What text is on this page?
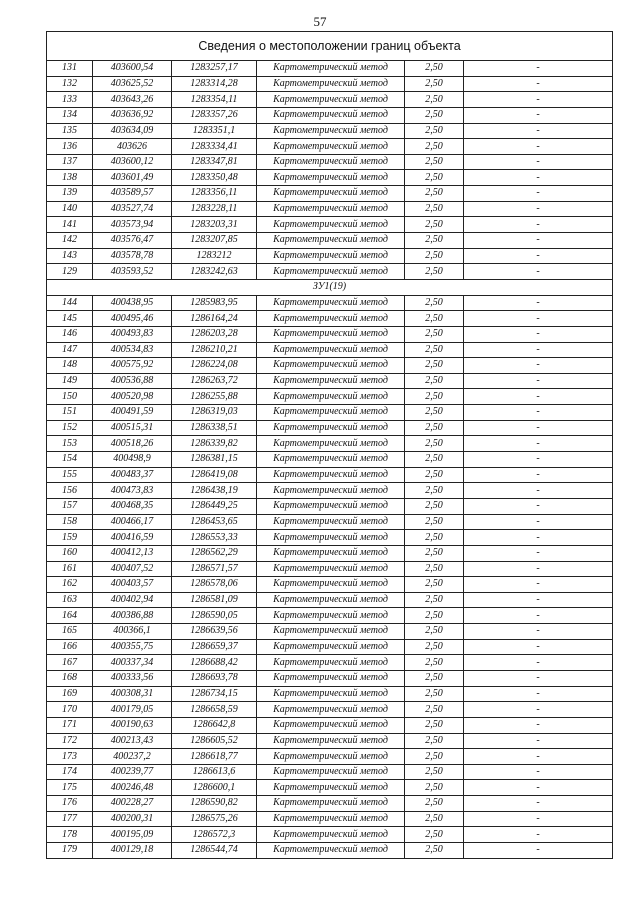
57
Сведения о местоположении границ объекта					
131	403600,54	1283257,17	Картометрический метод	2,50	-
132	403625,52	1283314,28	Картометрический метод	2,50	-
133	403643,26	1283354,11	Картометрический метод	2,50	-
134	403636,92	1283357,26	Картометрический метод	2,50	-
135	403634,09	1283351,1	Картометрический метод	2,50	-
136	403626	1283334,41	Картометрический метод	2,50	-
137	403600,12	1283347,81	Картометрический метод	2,50	-
138	403601,49	1283350,48	Картометрический метод	2,50	-
139	403589,57	1283356,11	Картометрический метод	2,50	-
140	403527,74	1283228,11	Картометрический метод	2,50	-
141	403573,94	1283203,31	Картометрический метод	2,50	-
142	403576,47	1283207,85	Картометрический метод	2,50	-
143	403578,78	1283212	Картометрический метод	2,50	-
129	403593,52	1283242,63	Картометрический метод	2,50	-
ЗУ1(19)					
144	400438,95	1285983,95	Картометрический метод	2,50	-
145	400495,46	1286164,24	Картометрический метод	2,50	-
146	400493,83	1286203,28	Картометрический метод	2,50	-
147	400534,83	1286210,21	Картометрический метод	2,50	-
148	400575,92	1286224,08	Картометрический метод	2,50	-
149	400536,88	1286263,72	Картометрический метод	2,50	-
150	400520,98	1286255,88	Картометрический метод	2,50	-
151	400491,59	1286319,03	Картометрический метод	2,50	-
152	400515,31	1286338,51	Картометрический метод	2,50	-
153	400518,26	1286339,82	Картометрический метод	2,50	-
154	400498,9	1286381,15	Картометрический метод	2,50	-
155	400483,37	1286419,08	Картометрический метод	2,50	-
156	400473,83	1286438,19	Картометрический метод	2,50	-
157	400468,35	1286449,25	Картометрический метод	2,50	-
158	400466,17	1286453,65	Картометрический метод	2,50	-
159	400416,59	1286553,33	Картометрический метод	2,50	-
160	400412,13	1286562,29	Картометрический метод	2,50	-
161	400407,52	1286571,57	Картометрический метод	2,50	-
162	400403,57	1286578,06	Картометрический метод	2,50	-
163	400402,94	1286581,09	Картометрический метод	2,50	-
164	400386,88	1286590,05	Картометрический метод	2,50	-
165	400366,1	1286639,56	Картометрический метод	2,50	-
166	400355,75	1286659,37	Картометрический метод	2,50	-
167	400337,34	1286688,42	Картометрический метод	2,50	-
168	400333,56	1286693,78	Картометрический метод	2,50	-
169	400308,31	1286734,15	Картометрический метод	2,50	-
170	400179,05	1286658,59	Картометрический метод	2,50	-
171	400190,63	1286642,8	Картометрический метод	2,50	-
172	400213,43	1286605,52	Картометрический метод	2,50	-
173	400237,2	1286618,77	Картометрический метод	2,50	-
174	400239,77	1286613,6	Картометрический метод	2,50	-
175	400246,48	1286600,1	Картометрический метод	2,50	-
176	400228,27	1286590,82	Картометрический метод	2,50	-
177	400200,31	1286575,26	Картометрический метод	2,50	-
178	400195,09	1286572,3	Картометрический метод	2,50	-
179	400129,18	1286544,74	Картометрический метод	2,50	-
